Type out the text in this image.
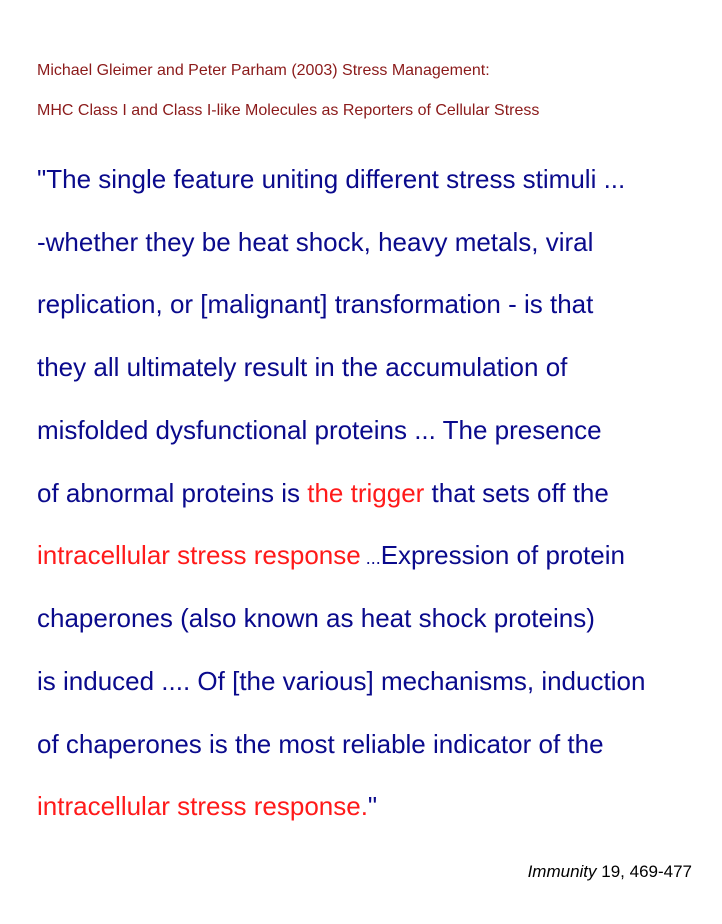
Michael Gleimer and Peter Parham (2003) Stress Management:
MHC Class I and Class I-like Molecules as Reporters of Cellular Stress
"The single feature uniting different stress stimuli ...
-whether they be heat shock, heavy metals, viral
replication, or [malignant] transformation - is that
they all ultimately result in the accumulation of
misfolded dysfunctional proteins ... The presence
of abnormal proteins is the trigger that sets off the
intracellular stress response ...Expression of protein
chaperones (also known as heat shock proteins)
is induced .... Of [the various] mechanisms, induction
of chaperones is the most reliable indicator of the
intracellular stress response."
Immunity 19, 469-477
